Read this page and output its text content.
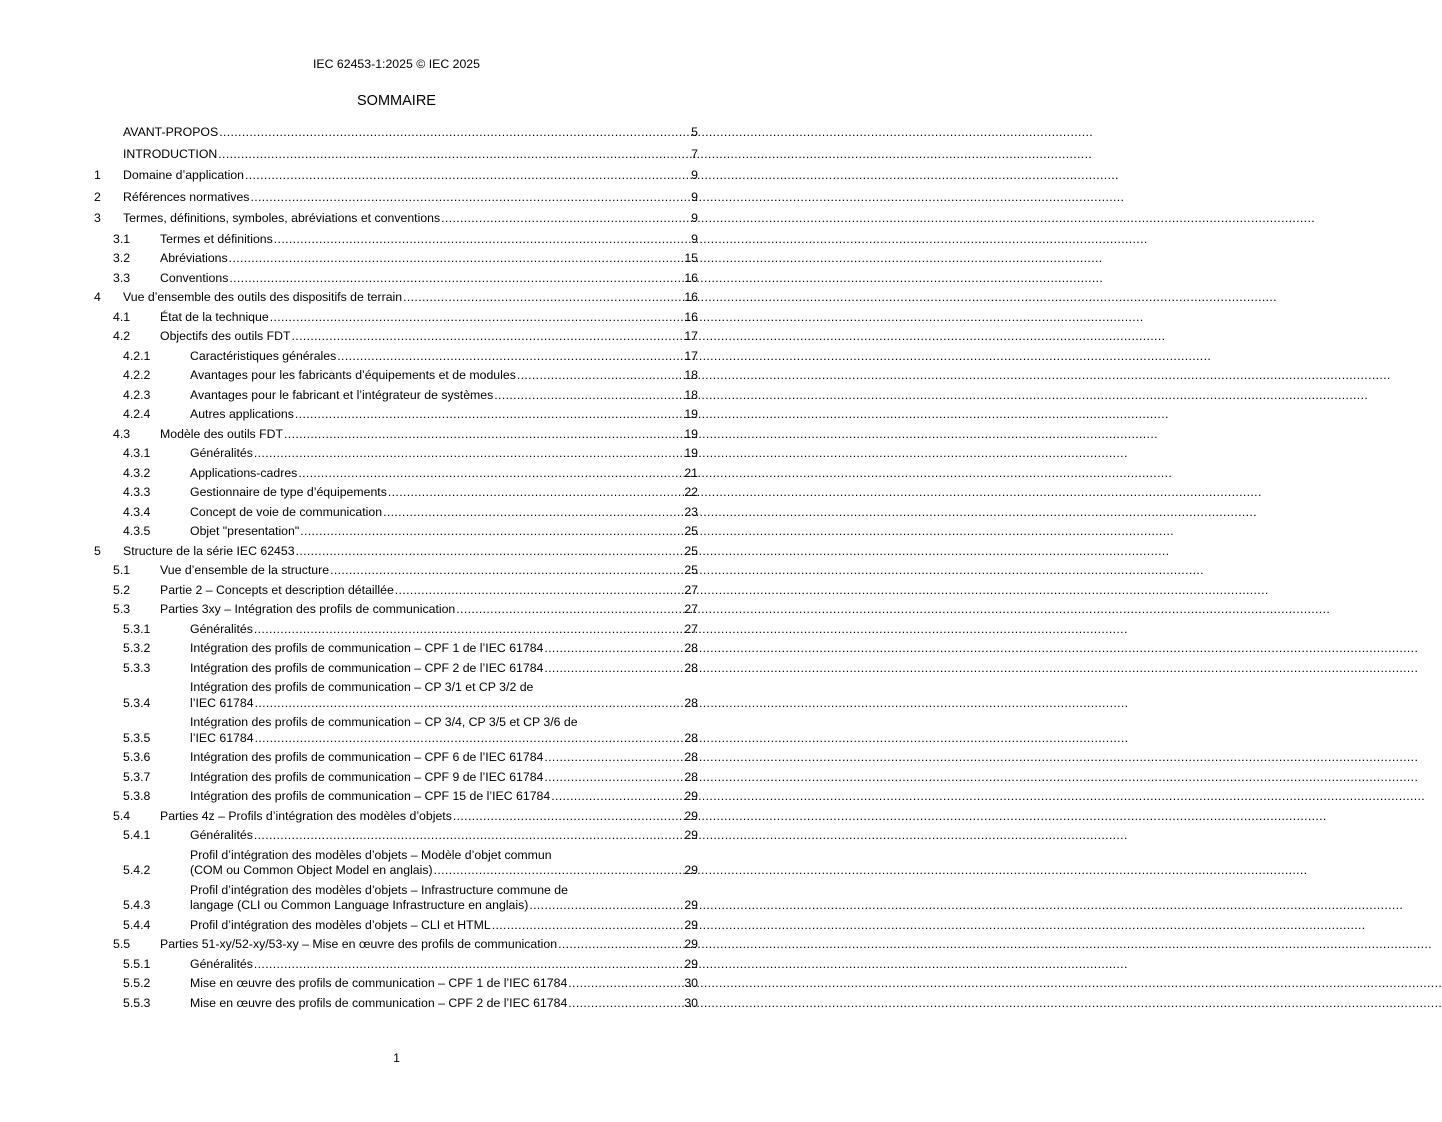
IEC 62453-1:2025 © IEC 2025
SOMMAIRE
AVANT-PROPOS .....	5
INTRODUCTION .....	7
1	Domaine d’application .....	9
2	Références normatives .....	9
3	Termes, définitions, symboles, abréviations et conventions .....	9
3.1	Termes et définitions .....	9
3.2	Abréviations .....	15
3.3	Conventions .....	16
4	Vue d’ensemble des outils des dispositifs de terrain .....	16
4.1	État de la technique .....	16
4.2	Objectifs des outils FDT .....	17
4.2.1	Caractéristiques générales .....	17
4.2.2	Avantages pour les fabricants d’équipements et de modules .....	18
4.2.3	Avantages pour le fabricant et l’intégrateur de systèmes .....	18
4.2.4	Autres applications .....	19
4.3	Modèle des outils FDT .....	19
4.3.1	Généralités .....	19
4.3.2	Applications-cadres .....	21
4.3.3	Gestionnaire de type d’équipements .....	22
4.3.4	Concept de voie de communication .....	23
4.3.5	Objet "presentation" .....	25
5	Structure de la série IEC 62453 .....	25
5.1	Vue d’ensemble de la structure .....	25
5.2	Partie 2 – Concepts et description détaillée .....	27
5.3	Parties 3xy – Intégration des profils de communication .....	27
5.3.1	Généralités .....	27
5.3.2	Intégration des profils de communication – CPF 1 de l’IEC 61784 .....	28
5.3.3	Intégration des profils de communication – CPF 2 de l’IEC 61784 .....	28
5.3.4
Intégration des profils de communication – CP 3/1 et CP 3/2 de
l’IEC 61784 .....	28
5.3.5
Intégration des profils de communication – CP 3/4, CP 3/5 et CP 3/6 de
l’IEC 61784 .....	28
5.3.6	Intégration des profils de communication – CPF 6 de l’IEC 61784 .....	28
5.3.7	Intégration des profils de communication – CPF 9 de l’IEC 61784 .....	28
5.3.8	Intégration des profils de communication – CPF 15 de l’IEC 61784 .....	29
5.4	Parties 4z – Profils d’intégration des modèles d’objets .....	29
5.4.1	Généralités .....	29
5.4.2
Profil d’intégration des modèles d’objets – Modèle d’objet commun
(COM ou Common Object Model en anglais) .....	29
5.4.3
Profil d’intégration des modèles d’objets – Infrastructure commune de
langage (CLI ou Common Language Infrastructure en anglais) .....	29
5.4.4	Profil d’intégration des modèles d’objets – CLI et HTML .....	29
5.5	Parties 51-xy/52-xy/53-xy – Mise en œuvre des profils de communication .....	29
5.5.1	Généralités .....	29
5.5.2	Mise en œuvre des profils de communication – CPF 1 de l’IEC 61784 .....	30
5.5.3	Mise en œuvre des profils de communication – CPF 2 de l’IEC 61784 .....	30
1
